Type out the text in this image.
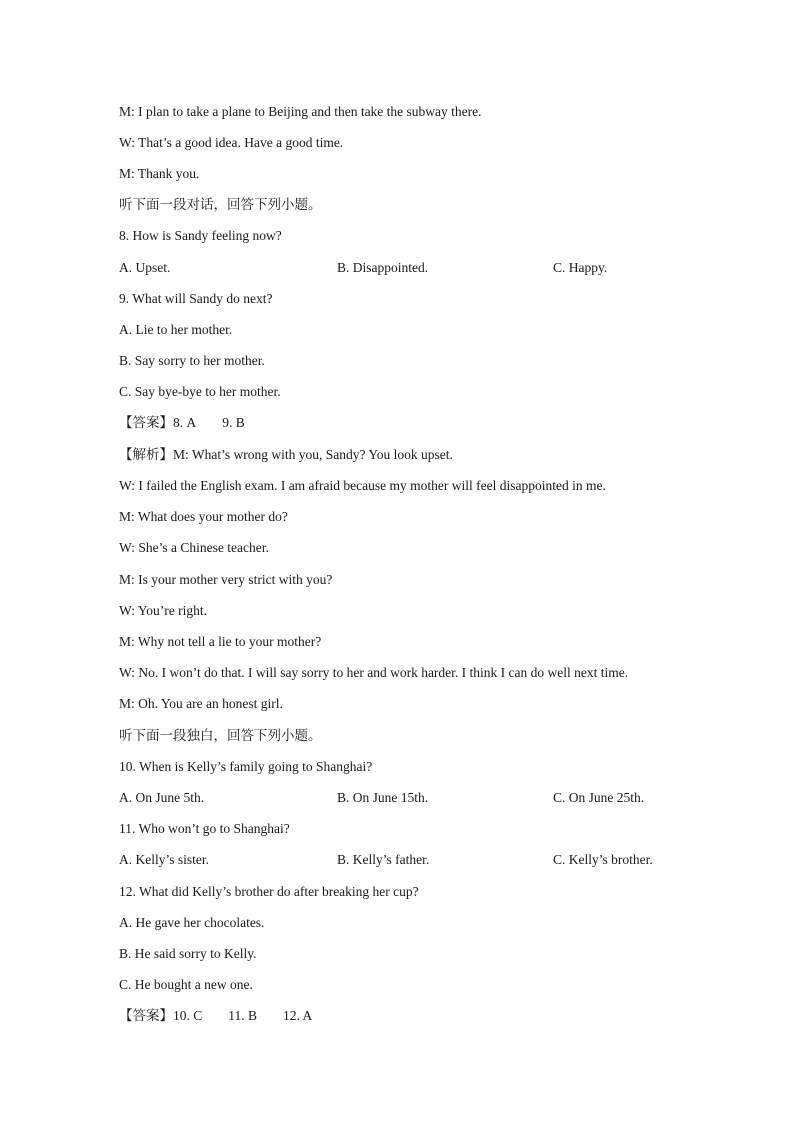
M: I plan to take a plane to Beijing and then take the subway there.
W: That’s a good idea. Have a good time.
M: Thank you.
听下面一段对话，回答下列小题。
8. How is Sandy feeling now?
A. Upset.	B. Disappointed.	C. Happy.
9. What will Sandy do next?
A. Lie to her mother.
B. Say sorry to her mother.
C. Say bye-bye to her mother.
【答案】8. A 9. B
【解析】M: What’s wrong with you, Sandy? You look upset.
W: I failed the English exam. I am afraid because my mother will feel disappointed in me.
M: What does your mother do?
W: She’s a Chinese teacher.
M: Is your mother very strict with you?
W: You’re right.
M: Why not tell a lie to your mother?
W: No. I won’t do that. I will say sorry to her and work harder. I think I can do well next time.
M: Oh. You are an honest girl.
听下面一段独白，回答下列小题。
10. When is Kelly’s family going to Shanghai?
A. On June 5th.	B. On June 15th.	C. On June 25th.
11. Who won’t go to Shanghai?
A. Kelly’s sister.	B. Kelly’s father.	C. Kelly’s brother.
12. What did Kelly’s brother do after breaking her cup?
A. He gave her chocolates.
B. He said sorry to Kelly.
C. He bought a new one.
【答案】10. C 11. B 12. A
